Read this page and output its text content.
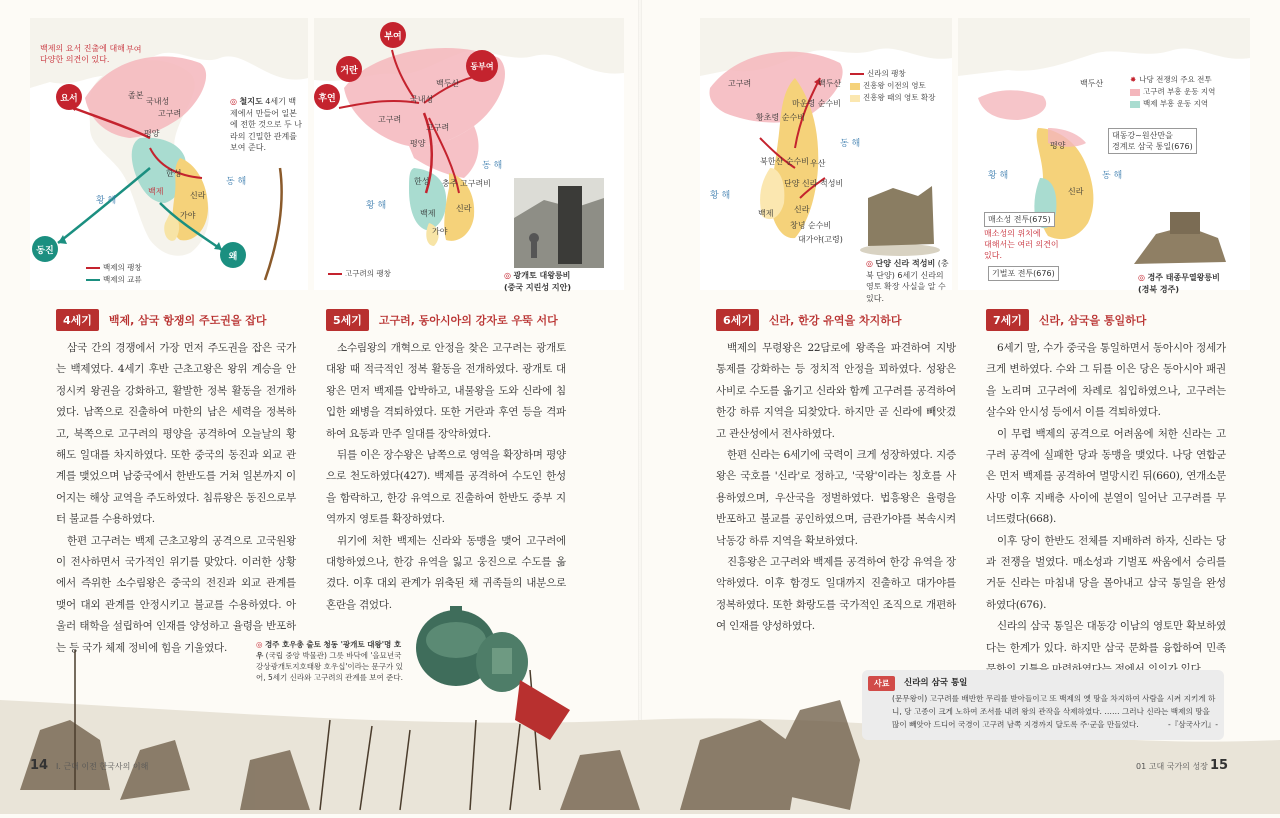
백제의 요서 진출에 대해
다양한 의견이 있다.
요서
부여
졸본
국내성
고구려
평양
한성
백제	신라
가야
황 해
동 해
동진
왜
백제의 팽창
백제의 교류
◎ 철지도 4세기 백제에서 만들어 일본에 전한 것으로 두 나라의 긴밀한 관계를 보여 준다.
부여
거란	동부여
후연
백두산
국내성
고구려
고구려
평양
한성 충주 고구려비
백제
신라
가야
황 해
동 해
고구려의 팽창	◎ 광개토 대왕릉비
(중국 지린성 지안)
고구려	백두산
마운령 순수비
황초령 순수비
북한산 순수비
단양 신라 적성비
우산
백제	신라
창녕 순수비
대가야(고령)
황 해
동 해
신라의 팽창
진흥왕 이전의 영토
진흥왕 때의 영토 확장
◎ 단양 신라 적성비 (충북 단양) 6세기 신라의 영토 확장 사실을 알 수 있다.
백두산
평양
신라
대동강~원산만을
경계로 삼국 통일(676)
매소성 전투(675)
매소성의 위치에
대해서는 여러 의견이
있다.
기벌포 전투(676)
황 해	동 해
✸ 나당 전쟁의 주요 전투
고구려 부흥 운동 지역
백제 부흥 운동 지역
◎ 경주 태종무열왕릉비
(경북 경주)
4세기	백제, 삼국 항쟁의 주도권을 잡다

삼국 간의 경쟁에서 가장 먼저 주도권을 잡은 국가는 백제였다. 4세기 후반 근초고왕은 왕위 계승을 안정시켜 왕권을 강화하고, 활발한 정복 활동을 전개하였다. 남쪽으로 진출하여 마한의 남은 세력을 정복하고, 북쪽으로 고구려의 평양을 공격하여 오늘날의 황해도 일대를 차지하였다. 또한 중국의 동진과 외교 관계를 맺었으며 남중국에서 한반도를 거쳐 일본까지 이어지는 해상 교역을 주도하였다. 침류왕은 동진으로부터 불교를 수용하였다.

한편 고구려는 백제 근초고왕의 공격으로 고국원왕이 전사하면서 국가적인 위기를 맞았다. 이러한 상황에서 즉위한 소수림왕은 중국의 전진과 외교 관계를 맺어 대외 관계를 안정시키고 불교를 수용하였다. 아울러 태학을 설립하여 인재를 양성하고 율령을 반포하는 등 국가 체제 정비에 힘을 기울였다.

5세기	고구려, 동아시아의 강자로 우뚝 서다

소수림왕의 개혁으로 안정을 찾은 고구려는 광개토 대왕 때 적극적인 정복 활동을 전개하였다. 광개토 대왕은 먼저 백제를 압박하고, 내물왕을 도와 신라에 침입한 왜병을 격퇴하였다. 또한 거란과 후연 등을 격파하여 요동과 만주 일대를 장악하였다.

뒤를 이은 장수왕은 남쪽으로 영역을 확장하며 평양으로 천도하였다(427). 백제를 공격하여 수도인 한성을 함락하고, 한강 유역으로 진출하여 한반도 중부 지역까지 영토를 확장하였다.

위기에 처한 백제는 신라와 동맹을 맺어 고구려에 대항하였으나, 한강 유역을 잃고 웅진으로 수도를 옮겼다. 이후 대외 관계가 위축된 채 귀족들의 내분으로 혼란을 겪었다.

6세기	신라, 한강 유역을 차지하다

백제의 무령왕은 22담로에 왕족을 파견하여 지방 통제를 강화하는 등 정치적 안정을 꾀하였다. 성왕은 사비로 수도를 옮기고 신라와 함께 고구려를 공격하여 한강 하류 지역을 되찾았다. 하지만 곧 신라에 빼앗겼고 관산성에서 전사하였다.

한편 신라는 6세기에 국력이 크게 성장하였다. 지증왕은 국호를 '신라'로 정하고, '국왕'이라는 칭호를 사용하였으며, 우산국을 정벌하였다. 법흥왕은 율령을 반포하고 불교를 공인하였으며, 금관가야를 복속시켜 낙동강 하류 지역을 확보하였다.

진흥왕은 고구려와 백제를 공격하여 한강 유역을 장악하였다. 이후 함경도 일대까지 진출하고 대가야를 정복하였다. 또한 화랑도를 국가적인 조직으로 개편하여 인재를 양성하였다.

7세기	신라, 삼국을 통일하다

6세기 말, 수가 중국을 통일하면서 동아시아 정세가 크게 변하였다. 수와 그 뒤를 이은 당은 동아시아 패권을 노리며 고구려에 차례로 침입하였으나, 고구려는 살수와 안시성 등에서 이를 격퇴하였다.

이 무렵 백제의 공격으로 어려움에 처한 신라는 고구려 공격에 실패한 당과 동맹을 맺었다. 나당 연합군은 먼저 백제를 공격하여 멸망시킨 뒤(660), 연개소문 사망 이후 지배층 사이에 분열이 일어난 고구려를 무너뜨렸다(668).

이후 당이 한반도 전체를 지배하려 하자, 신라는 당과 전쟁을 벌였다. 매소성과 기벌포 싸움에서 승리를 거둔 신라는 마침내 당을 몰아내고 삼국 통일을 완성하였다(676).

신라의 삼국 통일은 대동강 이남의 영토만 확보하였다는 한계가 있다. 하지만 삼국 문화를 융합하여 민족

◎ 경주 호우총 출토 청동 '광개토 대왕'명 호우 (국립 중앙 박물관) 그릇 바닥에 '을묘년국강상광개토지호태왕 호우십'이라는 문구가 있어, 5세기 신라와 고구려의 관계를 보여 준다.
사료	신라의 삼국 통일
(문무왕이) 고구려를 배반한 무리를 받아들이고 또 백제의 옛 땅을 차지하여 사람을 시켜 지키게 하니, 당 고종이 크게 노하여 조서를 내려 왕의 관작을 삭제하였다. …… 그러나 신라는 백제의 땅을 많이 빼앗아 드디어 국경이 고구려 남쪽 지경까지 달도록 주·군을 만들었다.	-『삼국사기』-
14 Ⅰ. 근대 이전 한국사의 이해	01 고대 국가의 성장 15
